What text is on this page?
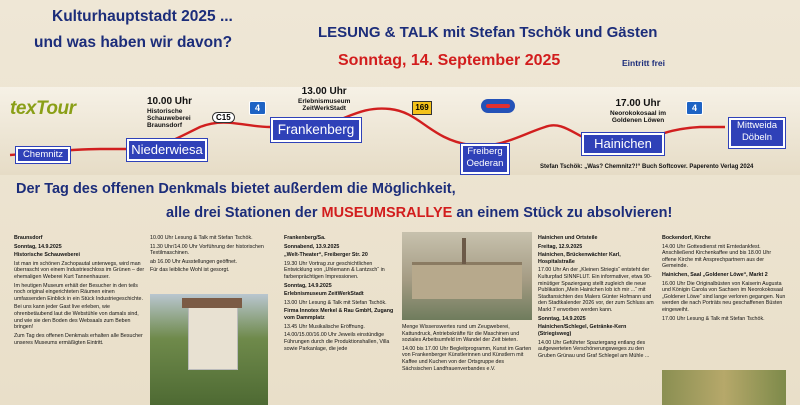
Kulturhauptstadt 2025 ...
und was haben wir davon?
LESUNG & TALK mit Stefan Tschök und Gästen
Sonntag, 14. September 2025	Eintritt frei
texTour
Chemnitz	Niederwiesa
Frankenberg
Freiberg
Oederan
Hainichen
Mittweida
Döbeln
10.00 Uhr
Historische
Schauweberei
Braunsdorf
13.00 Uhr
Erlebnismuseum
ZeitWerkStadt	17.00 Uhr
Neorokokosaal im
Goldenen Löwen
C15
4	169	4
Stefan Tschök: „Was? Chemnitz?!“ Buch Softcover. Paperento Verlag 2024
Der Tag des offenen Denkmals bietet außerdem die Möglichkeit,
alle drei Stationen der MUSEUMSRALLYE an einem Stück zu absolvieren!

Braunsdorf

Sonntag, 14.9.2025

Historische Schauweberei

Ist man im schönen Zschopautal unterwegs, wird man überrascht von einem Industrieschloss im Grünen – der ehemaligen Weberei Kurt Tannenhauser.

Im heutigen Museum erhält der Besucher in den teils noch original eingerichteten Räumen einen umfassenden Einblick in ein Stück Industriegeschichte.

Bei uns kann jeder Gast live erleben, wie ohrenbetäubend laut die Webstühle von damals sind, und wie sie den Boden des Websaals zum Beben bringen!

Zum Tag des offenen Denkmals erhalten alle Besucher unseres Museums ermäßigten Eintritt.

10.00 Uhr Lesung & Talk mit Stefan Tschök.

11.30 Uhr/14.00 Uhr Vorführung der historischen Textilmaschinen.

ab 16.00 Uhr Ausstellungen geöffnet.

Für das leibliche Wohl ist gesorgt.

Frankenberg/Sa.

Sonnabend, 13.9.2025

„Welt-Theater“, Freiberger Str. 20

19.30 Uhr Vortrag zur geschichtlichen Entwicklung von „Uhlemann & Lantzsch“ in farbenprächtigen Impressionen.

Sonntag, 14.9.2025

Erlebnismuseum ZeitWerkStadt

13.00 Uhr Lesung & Talk mit Stefan Tschök.

Firma Innotex Merkel & Rau GmbH, Zugang vom Dammplatz

13.45 Uhr Musikalische Eröffnung.

14.00/15.00/16.00 Uhr Jeweils einstündige Führungen durch die Produktionshallen, Villa sowie Parkanlage, die jede

Menge Wissenswertes rund um Zeugweberei, Kattundruck, Antriebskräfte für die Maschinen und soziales Arbeitsumfeld im Wandel der Zeit bieten.

14.00 bis 17.00 Uhr Begleitprogramm, Kunst im Garten von Frankenberger Künstlerinnen und Künstlern mit Kaffee und Kuchen von der Ortsgruppe des Sächsischen Landfrauenverbandes e.V.

Hainichen und Ortsteile

Freitag, 12.9.2025

Hainichen, Brückenwächter Karl, Hospitalstraße

17.00 Uhr An der „Kleinen Striegis“ entsteht der Kulturpfad SINNFLUT. Ein informativer, etwa 90-minütiger Spaziergang stellt zugleich die neue Publikation „Mein Hainichen lob ich mir ...“ mit Stadtansichten des Malers Günter Hofmann und den Stadtkalender 2026 vor, der zum Schluss am Markt 7 erworben werden kann.

Sonntag, 14.9.2025

Hainichen/Schlegel, Getränke-Kern (Striegisweg)

14.00 Uhr Geführter Spaziergang entlang des aufgewerteten Verschönerungsweges zu den Gruben Grünau und Graf Schlegel am Mühle ...

Bockendorf, Kirche

14.00 Uhr Gottesdienst mit Erntedankfest. Anschließend Kirchenkaffee und bis 18.00 Uhr offene Kirche mit Ansprechpartnern aus der Gemeinde.

Hainichen, Saal „Goldener Löwe“, Markt 2

16.00 Uhr Die Originalbüsten von Kaiserin Augusta und Königin Carola von Sachsen im Neorokokosaal „Goldener Löwe“ sind lange verloren gegangen. Nun werden die nach Porträts neu geschaffenen Büsten eingeweiht.

17.00 Uhr Lesung & Talk mit Stefan Tschök.
